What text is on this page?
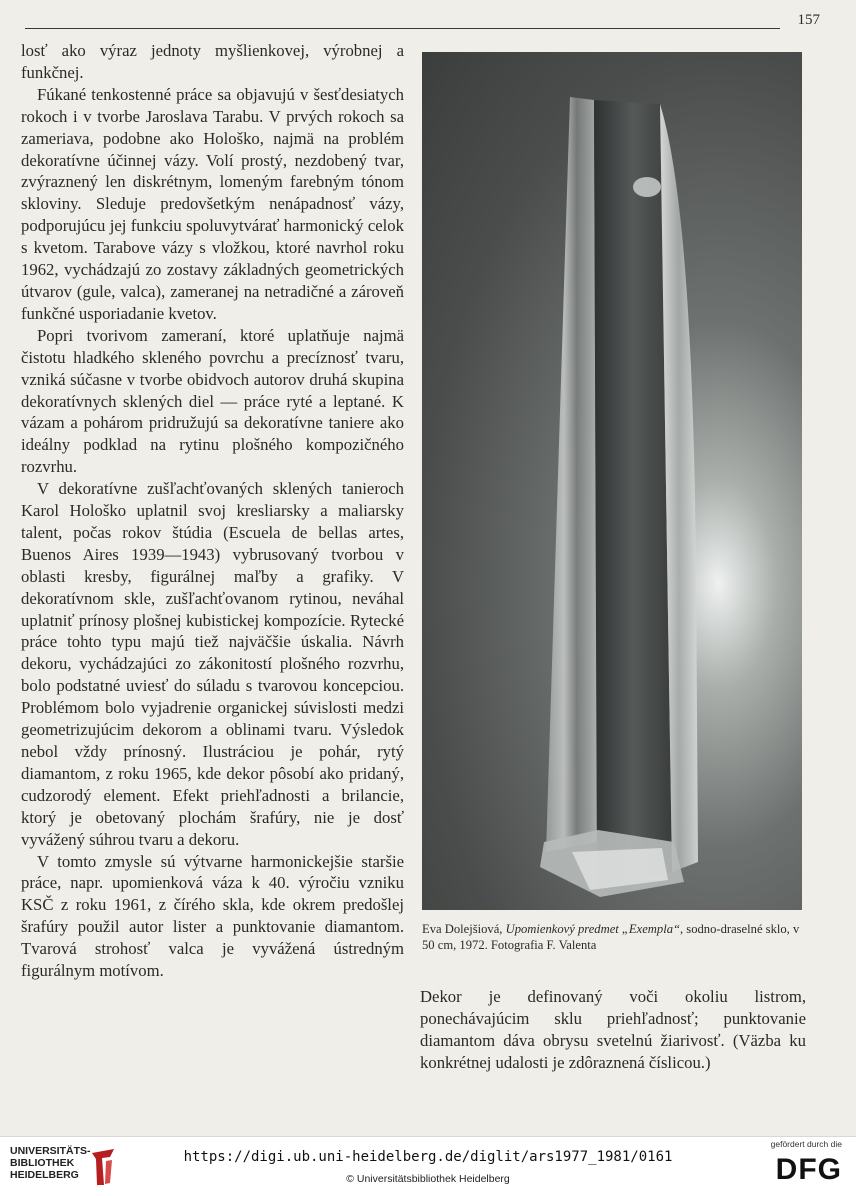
157

losť ako výraz jednoty myšlienkovej, výrobnej a funkčnej.

Fúkané tenkostenné práce sa objavujú v šesťdesiatych rokoch i v tvorbe Jaroslava Tarabu. V prvých rokoch sa zameriava, podobne ako Hološko, najmä na problém dekoratívne účinnej vázy. Volí prostý, nezdobený tvar, zvýraznený len diskrétnym, lomeným farebným tónom skloviny. Sleduje predovšetkým nenápadnosť vázy, podporujúcu jej funkciu spoluvytvárať harmonický celok s kvetom. Tarabove vázy s vložkou, ktoré navrhol roku 1962, vychádzajú zo zostavy základných geometrických útvarov (gule, valca), zameranej na netradičné a zároveň funkčné usporiadanie kvetov.

Popri tvorivom zameraní, ktoré uplatňuje najmä čistotu hladkého skleného povrchu a precíznosť tvaru, vzniká súčasne v tvorbe obidvoch autorov druhá skupina dekoratívnych sklených diel — práce ryté a leptané. K vázam a pohárom pridružujú sa dekoratívne taniere ako ideálny podklad na rytinu plošného kompozičného rozvrhu.

V dekoratívne zušľachťovaných sklených tanieroch Karol Hološko uplatnil svoj kresliarsky a maliarsky talent, počas rokov štúdia (Escuela de bellas artes, Buenos Aires 1939—1943) vybrusovaný tvorbou v oblasti kresby, figurálnej maľby a grafiky. V dekoratívnom skle, zušľachťovanom rytinou, neváhal uplatniť prínosy plošnej kubistickej kompozície. Rytecké práce tohto typu majú tiež najväčšie úskalia. Návrh dekoru, vychádzajúci zo zákonitostí plošného rozvrhu, bolo podstatné uviesť do súladu s tvarovou koncepciou. Problémom bolo vyjadrenie organickej súvislosti medzi geometrizujúcim dekorom a oblinami tvaru. Výsledok nebol vždy prínosný. Ilustráciou je pohár, rytý diamantom, z roku 1965, kde dekor pôsobí ako pridaný, cudzorodý element. Efekt priehľadnosti a brilancie, ktorý je obetovaný plochám šrafúry, nie je dosť vyvážený súhrou tvaru a dekoru.

V tomto zmysle sú výtvarne harmonickejšie staršie práce, napr. upomienková váza k 40. výročiu vzniku KSČ z roku 1961, z čírého skla, kde okrem predošlej šrafúry použil autor lister a punktovanie diamantom. Tvarová strohosť valca je vyvážená ústredným figurálnym motívom.

Eva Dolejšiová, Upomienkový predmet „Exempla“, sodno-draselné sklo, v 50 cm, 1972. Fotografia F. Valenta
Dekor je definovaný voči okoliu listrom, ponechávajúcim sklu priehľadnosť; punktovanie diamantom dáva obrysu svetelnú žiarivosť. (Väzba ku konkrétnej udalosti je zdôraznená číslicou.)
UNIVERSITÄTS-
BIBLIOTHEK
HEIDELBERG
https://digi.ub.uni-heidelberg.de/diglit/ars1977_1981/0161
© Universitätsbibliothek Heidelberg
gefördert durch die
DFG
